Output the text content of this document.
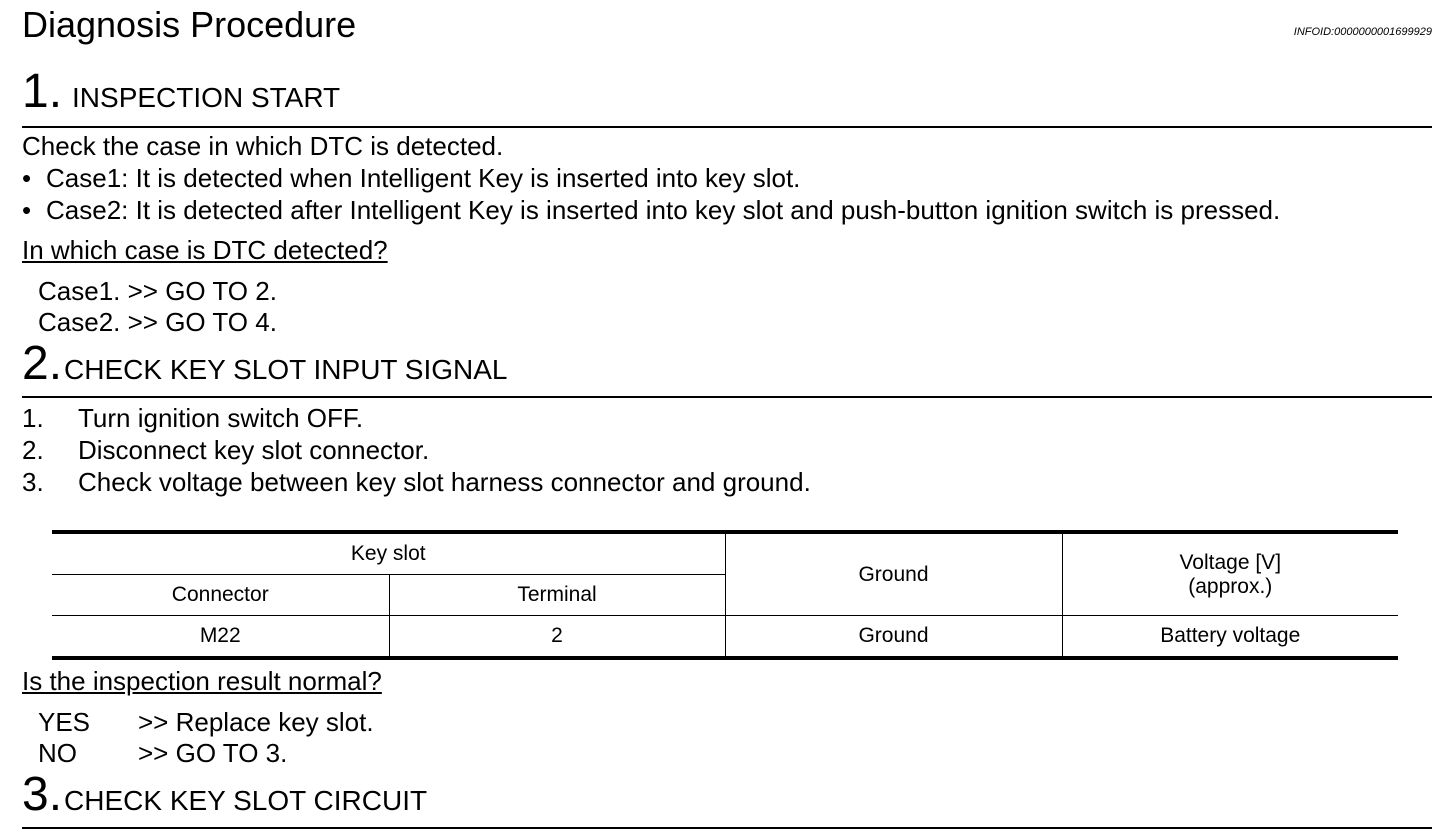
Diagnosis Procedure	INFOID:0000000001699929
1. INSPECTION START
Check the case in which DTC is detected.
• Case1: It is detected when Intelligent Key is inserted into key slot.
• Case2: It is detected after Intelligent Key is inserted into key slot and push-button ignition switch is pressed.
In which case is DTC detected?
Case1. >> GO TO 2.
Case2. >> GO TO 4.
2.CHECK KEY SLOT INPUT SIGNAL
1. Turn ignition switch OFF.
2. Disconnect key slot connector.
3. Check voltage between key slot harness connector and ground.
Key slot		Ground	Voltage [V]
(approx.)

Connector	Terminal		
M22	2	Ground	Battery voltage
Is the inspection result normal?
YES >> Replace key slot.
NO >> GO TO 3.
3.CHECK KEY SLOT CIRCUIT
